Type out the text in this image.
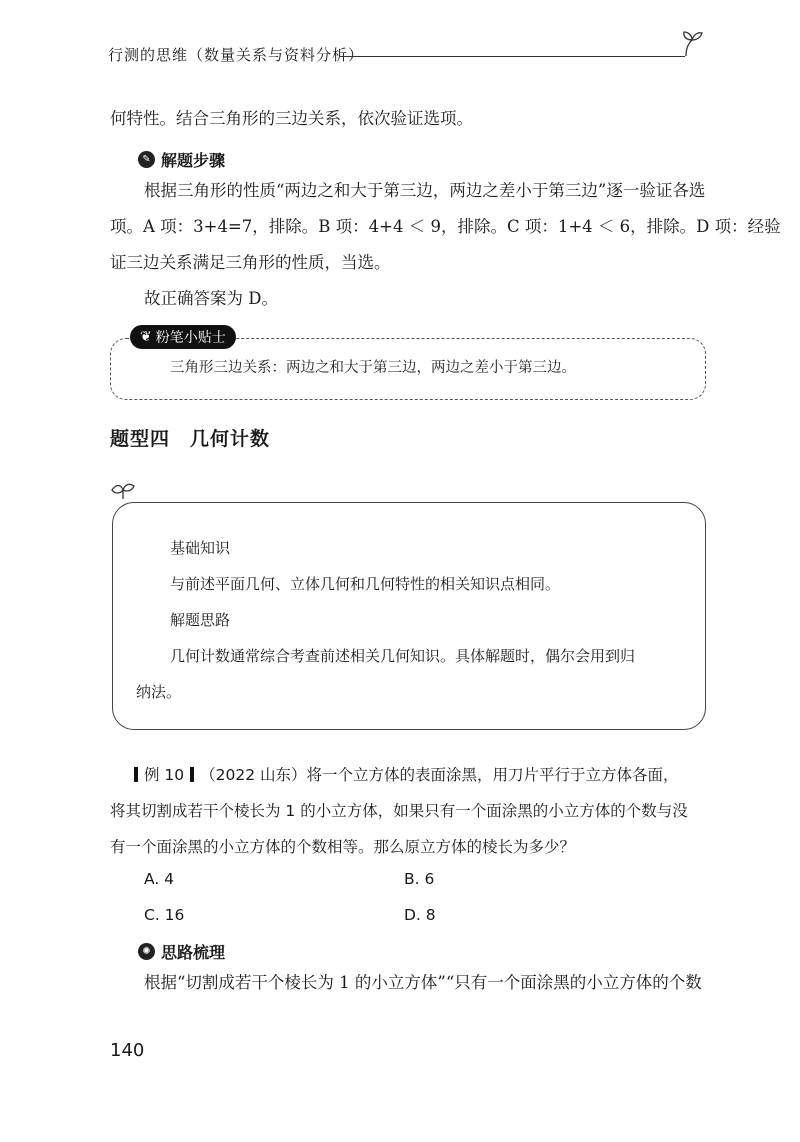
行测的思维（数量关系与资料分析）
何特性。结合三角形的三边关系，依次验证选项。
✎ 解题步骤
根据三角形的性质“两边之和大于第三边，两边之差小于第三边”逐一验证各选
项。A 项：3+4=7，排除。B 项：4+4 ＜ 9，排除。C 项：1+4 ＜ 6，排除。D 项：经验
证三边关系满足三角形的性质，当选。
故正确答案为 D。
❦ 粉笔小贴士
三角形三边关系：两边之和大于第三边，两边之差小于第三边。
题型四　几何计数
基础知识
与前述平面几何、立体几何和几何特性的相关知识点相同。
解题思路
几何计数通常综合考查前述相关几何知识。具体解题时，偶尔会用到归
纳法。
例 10 （2022 山东）将一个立方体的表面涂黑，用刀片平行于立方体各面，
将其切割成若干个棱长为 1 的小立方体，如果只有一个面涂黑的小立方体的个数与没
有一个面涂黑的小立方体的个数相等。那么原立方体的棱长为多少？
A. 4	B. 6
C. 16	D. 8
✺ 思路梳理
根据“切割成若干个棱长为 1 的小立方体”“只有一个面涂黑的小立方体的个数
140
